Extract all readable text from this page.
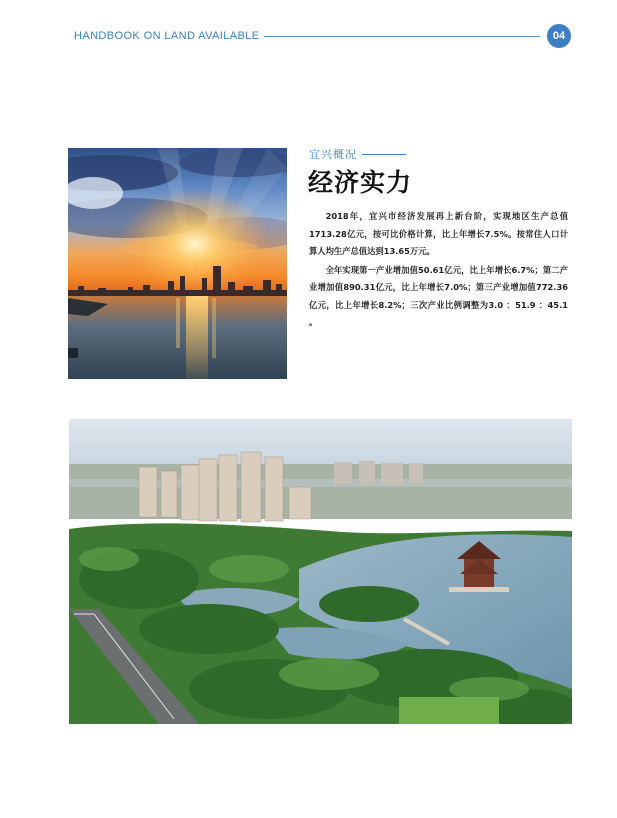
HANDBOOK ON LAND AVAILABLE	04
宜兴概况
经济实力

2018年，宜兴市经济发展再上新台阶，实现地区生产总值1713.28亿元，按可比价格计算，比上年增长7.5%。按常住人口计算人均生产总值达到13.65万元。

全年实现第一产业增加值50.61亿元，比上年增长6.7%；第二产业增加值890.31亿元，比上年增长7.0%；第三产业增加值772.36亿元，比上年增长8.2%；三次产业比例调整为3.0 ：51.9 ：45.1 。
